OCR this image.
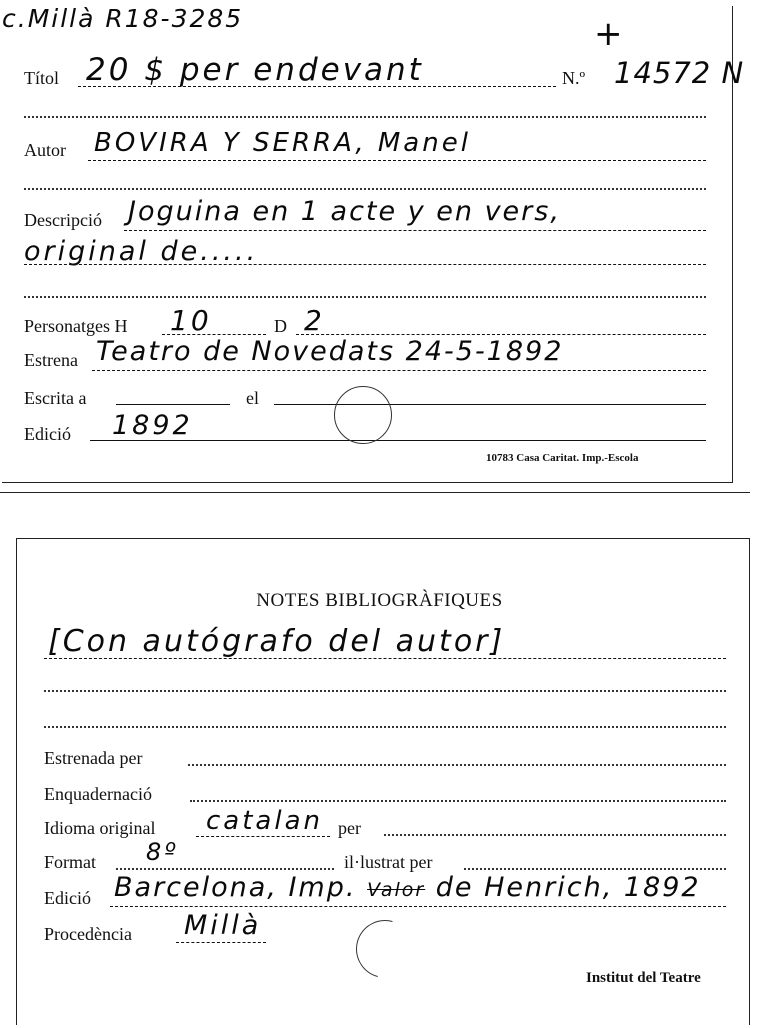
c.Millà R18-3285	+
Títol 20 $ per endevant	N.º 14572 N
Autor BOVIRA Y SERRA, Manel
Descripció Joguina en 1 acte y en vers,
original de.....
Personatges H 10	D 2
Estrena Teatro de Novedats 24-5-1892
Escrita a	el
Edició 1892
10783 Casa Caritat. Imp.-Escola
NOTES BIBLIOGRÀFIQUES
[Con autógrafo del autor]
Estrenada per
Enquadernació
Idioma original catalan per
Format 8º	il·lustrat per
Edició Barcelona, Imp. Valor de Henrich, 1892
Procedència Millà
Institut del Teatre
